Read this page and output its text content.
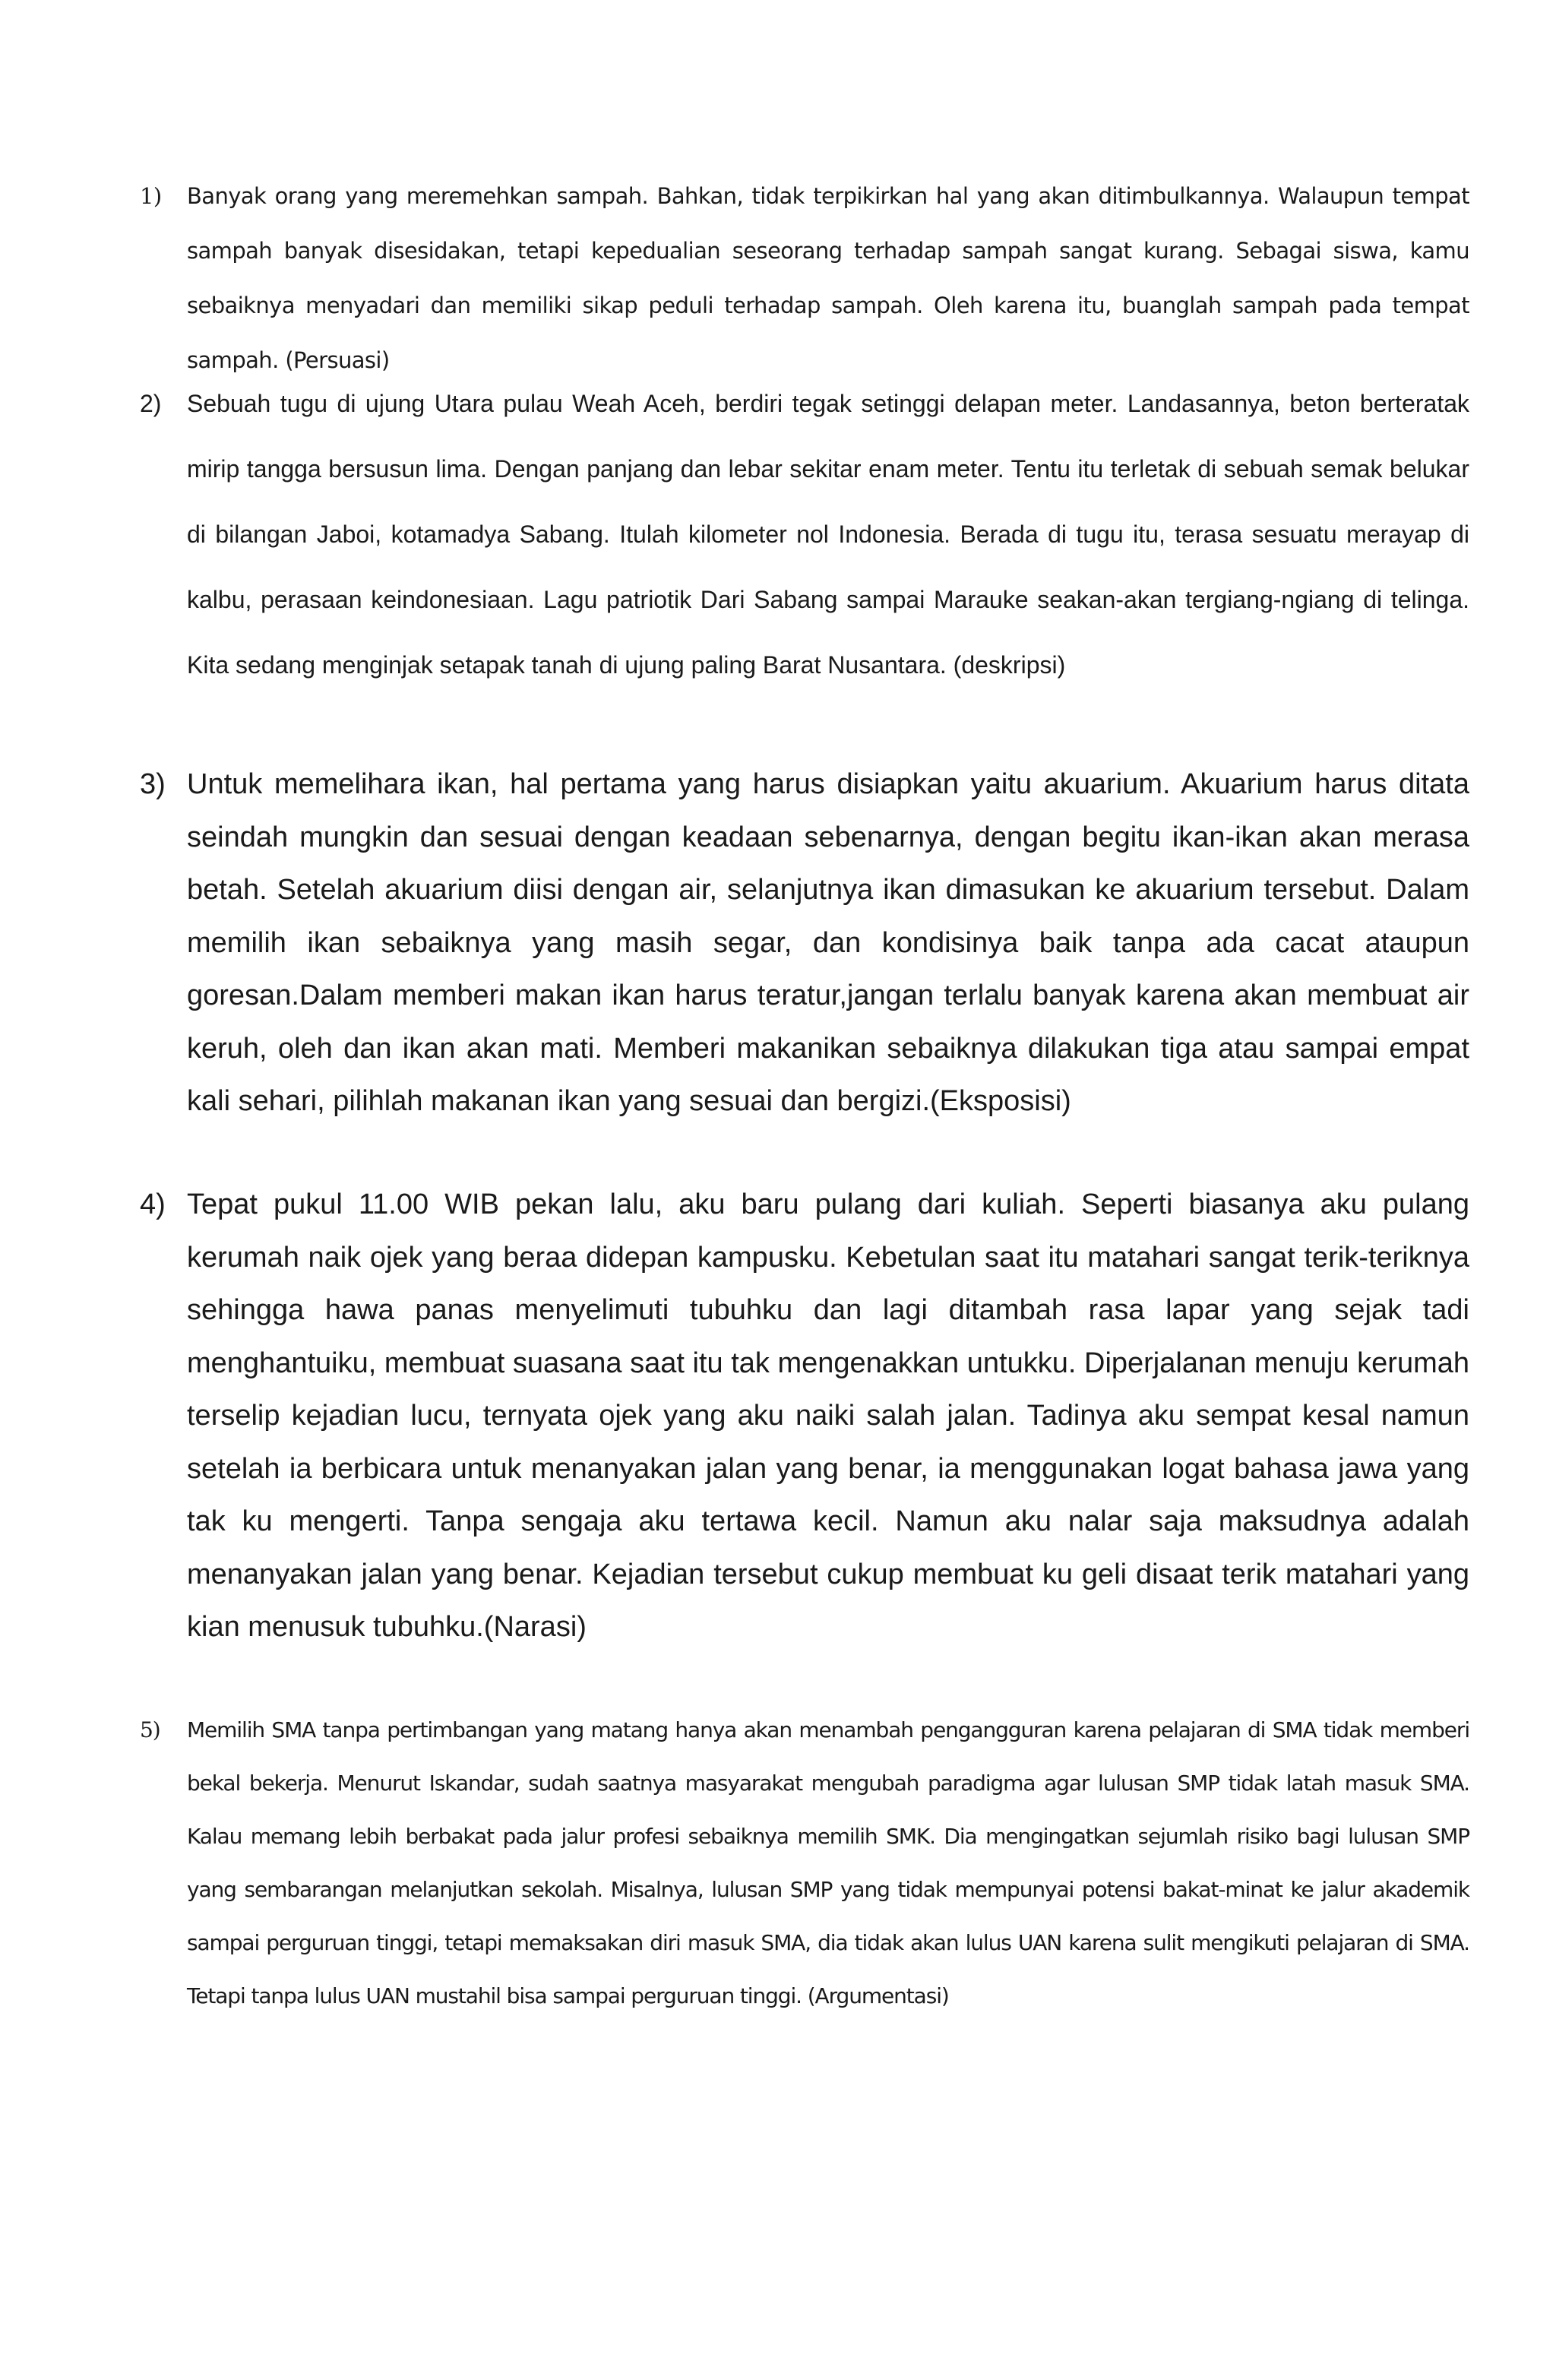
1) Banyak orang yang meremehkan sampah. Bahkan, tidak terpikirkan hal yang akan ditimbulkannya. Walaupun tempat sampah banyak disesidakan, tetapi kepedualian seseorang terhadap sampah sangat kurang. Sebagai siswa, kamu sebaiknya menyadari dan memiliki sikap peduli terhadap sampah. Oleh karena itu, buanglah sampah pada tempat sampah. (Persuasi)
2) Sebuah tugu di ujung Utara pulau Weah Aceh, berdiri tegak setinggi delapan meter. Landasannya, beton berteratak mirip tangga bersusun lima. Dengan panjang dan lebar sekitar enam meter. Tentu itu terletak di sebuah semak belukar di bilangan Jaboi, kotamadya Sabang. Itulah kilometer nol Indonesia. Berada di tugu itu, terasa sesuatu merayap di kalbu, perasaan keindonesiaan. Lagu patriotik Dari Sabang sampai Marauke seakan-akan tergiang-ngiang di telinga. Kita sedang menginjak setapak tanah di ujung paling Barat Nusantara. (deskripsi)
3) Untuk memelihara ikan, hal pertama yang harus disiapkan yaitu akuarium. Akuarium harus ditata seindah mungkin dan sesuai dengan keadaan sebenarnya, dengan begitu ikan-ikan akan merasa betah. Setelah akuarium diisi dengan air, selanjutnya ikan dimasukan ke akuarium tersebut. Dalam memilih ikan sebaiknya yang masih segar, dan kondisinya baik tanpa ada cacat ataupun goresan.Dalam memberi makan ikan harus teratur,jangan terlalu banyak karena akan membuat air keruh, oleh dan ikan akan mati. Memberi makanikan sebaiknya dilakukan tiga atau sampai empat kali sehari, pilihlah makanan ikan yang sesuai dan bergizi.(Eksposisi)
4) Tepat pukul 11.00 WIB pekan lalu, aku baru pulang dari kuliah. Seperti biasanya aku pulang kerumah naik ojek yang beraa didepan kampusku. Kebetulan saat itu matahari sangat terik-teriknya sehingga hawa panas menyelimuti tubuhku dan lagi ditambah rasa lapar yang sejak tadi menghantuiku, membuat suasana saat itu tak mengenakkan untukku. Diperjalanan menuju kerumah terselip kejadian lucu, ternyata ojek yang aku naiki salah jalan. Tadinya aku sempat kesal namun setelah ia berbicara untuk menanyakan jalan yang benar, ia menggunakan logat bahasa jawa yang tak ku mengerti. Tanpa sengaja aku tertawa kecil. Namun aku nalar saja maksudnya adalah menanyakan jalan yang benar. Kejadian tersebut cukup membuat ku geli disaat terik matahari yang kian menusuk tubuhku.(Narasi)
5) Memilih SMA tanpa pertimbangan yang matang hanya akan menambah pengangguran karena pelajaran di SMA tidak memberi bekal bekerja. Menurut Iskandar, sudah saatnya masyarakat mengubah paradigma agar lulusan SMP tidak latah masuk SMA. Kalau memang lebih berbakat pada jalur profesi sebaiknya memilih SMK. Dia mengingatkan sejumlah risiko bagi lulusan SMP yang sembarangan melanjutkan sekolah. Misalnya, lulusan SMP yang tidak mempunyai potensi bakat-minat ke jalur akademik sampai perguruan tinggi, tetapi memaksakan diri masuk SMA, dia tidak akan lulus UAN karena sulit mengikuti pelajaran di SMA. Tetapi tanpa lulus UAN mustahil bisa sampai perguruan tinggi. (Argumentasi)
